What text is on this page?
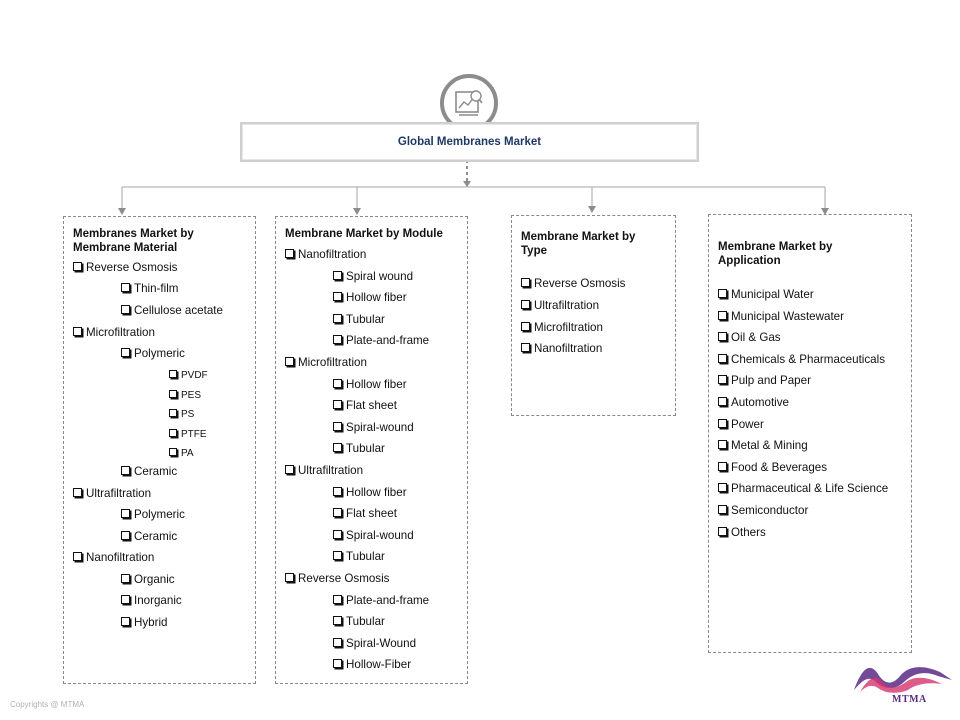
Global Membranes Market
Membranes Market by Membrane Material
Reverse Osmosis
Thin-film
Cellulose acetate
Microfiltration
Polymeric
PVDF
PES
PS
PTFE
PA
Ceramic
Ultrafiltration
Polymeric
Ceramic
Nanofiltration
Organic
Inorganic
Hybrid
Membrane Market by Module
Nanofiltration
Spiral wound
Hollow fiber
Tubular
Plate-and-frame
Microfiltration
Hollow fiber
Flat sheet
Spiral-wound
Tubular
Ultrafiltration
Hollow fiber
Flat sheet
Spiral-wound
Tubular
Reverse Osmosis
Plate-and-frame
Tubular
Spiral-Wound
Hollow-Fiber
Membrane Market by Type
Reverse Osmosis
Ultrafiltration
Microfiltration
Nanofiltration
Membrane Market by Application
Municipal Water
Municipal Wastewater
Oil & Gas
Chemicals & Pharmaceuticals
Pulp and Paper
Automotive
Power
Metal & Mining
Food & Beverages
Pharmaceutical & Life Science
Semiconductor
Others
MTMA
Copyrights @ MTMA
